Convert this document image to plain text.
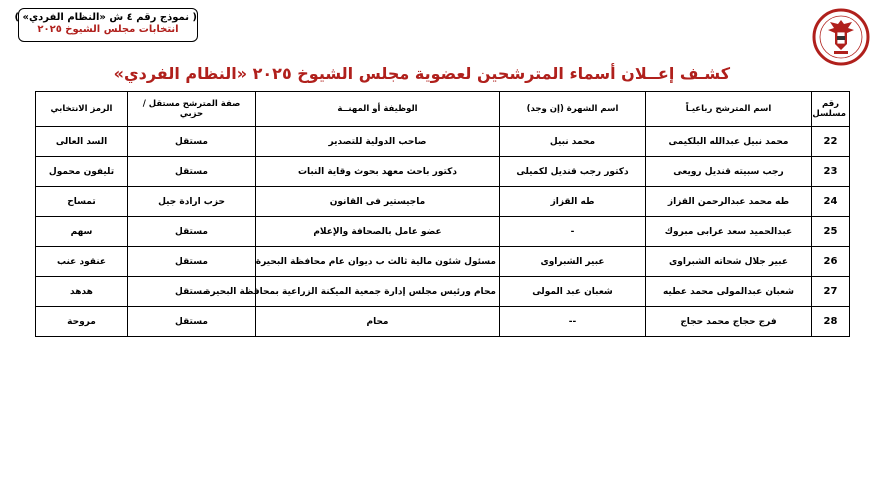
( نموذج رقم ٤ ش «النظام الفردي» )
انتخابات مجلس الشيوخ ٢٠٢٥
كشـف إعــلان أسماء المترشحين لعضوية مجلس الشيوخ ٢٠٢٥ «النظام الفردي»
رقم مسلسل	اسم المترشح رباعيـاً	اسم الشهرة (إن وجد)	الوظيفة أو المهنــة	صفة المترشح مستقل / حزبي	الرمز الانتخابي
22	محمد نبيل عبدالله البلكيمى	محمد نبيل	صاحب الدولية للتصدير	مستقل	السد العالى
23	رجب سبيته قنديل رويعى	دكتور رجب قنديل لكميلى	دكتور باحث معهد بحوث وقاية النبات	مستقل	تليفون محمول
24	طه محمد عبدالرحمن القزاز	طه القزاز	ماجيستير فى القانون	حزب ارادة جيل	تمساح
25	عبدالحميد سعد عرابى مبروك	-	عضو عامل بالصحافة والإعلام	مستقل	سهم
26	عبير جلال شحاته الشبراوى	عبير الشبراوى	مسئول شئون مالية ثالث ب ديوان عام محافظة البحيرة	مستقل	عنقود عنب
27	شعبان عبدالمولى محمد عطيه	شعبان عبد المولى	محام ورئيس مجلس إدارة جمعية الميكنة الزراعية بمحافظة البحيرة	مستقل	هدهد
28	فرج حجاج محمد حجاج	--	محام	مستقل	مروحة
